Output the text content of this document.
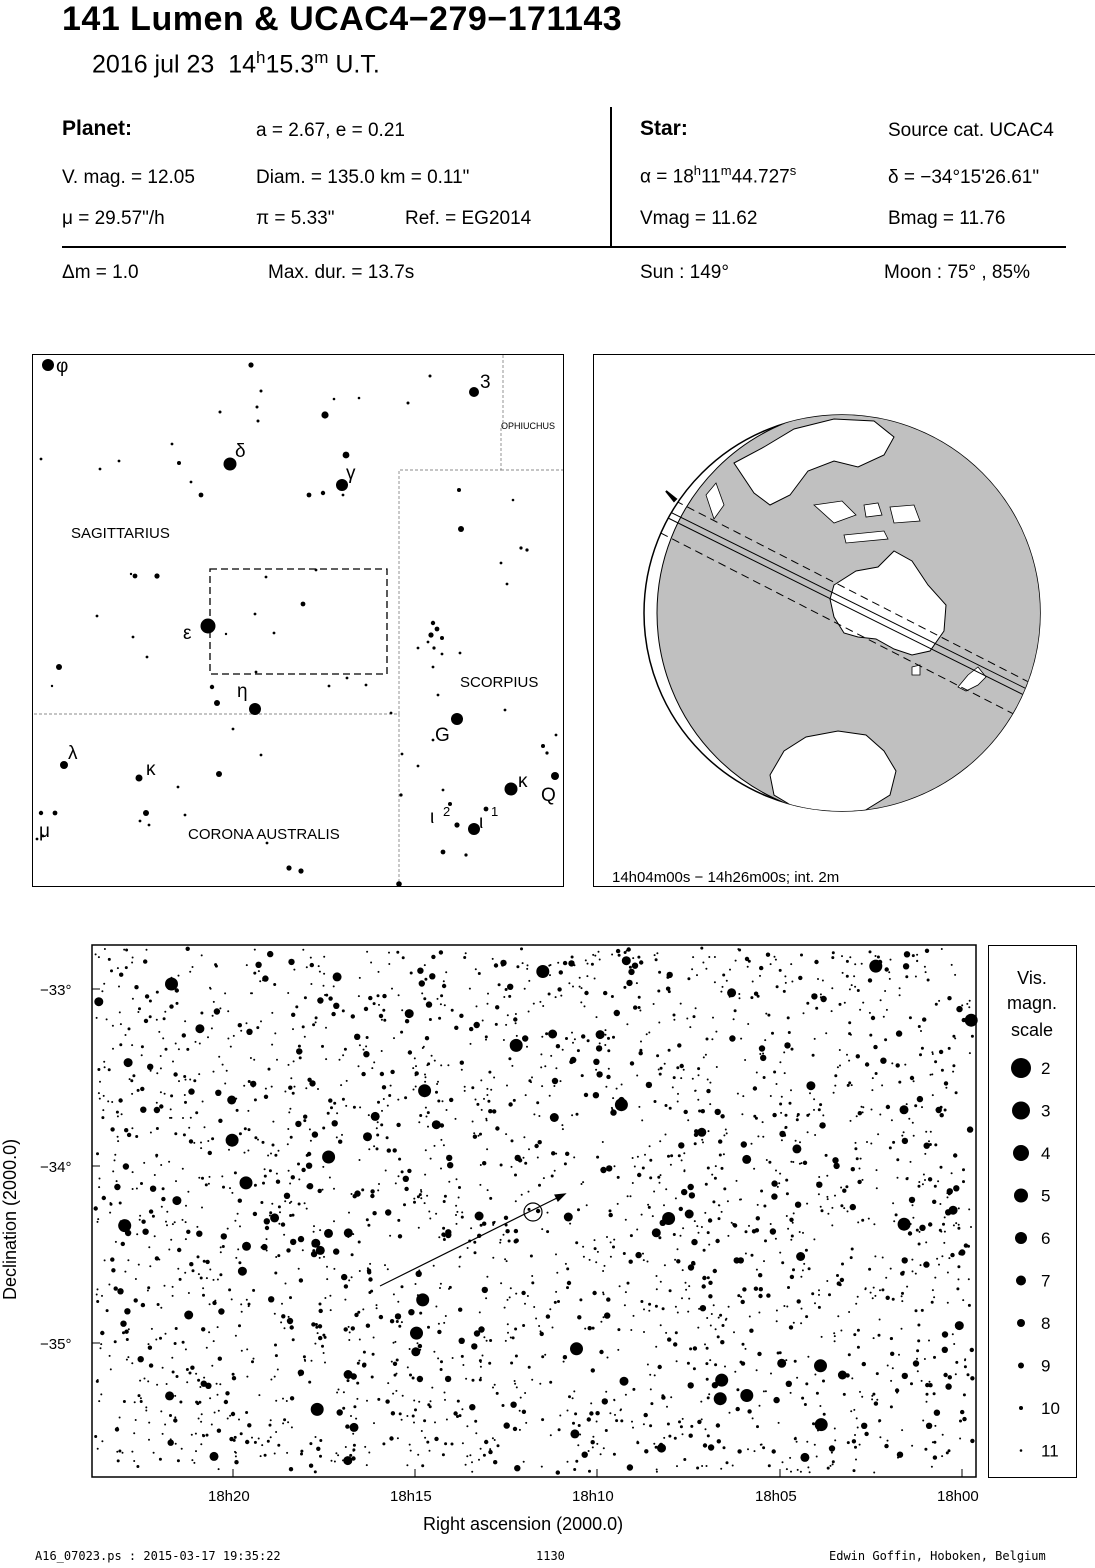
141 Lumen & UCAC4−279−171143
2016 jul 23 14$^h$15.3$^m$ U.T.
Planet:	a = 2.67, e = 0.21
V. mag. = 12.05	Diam. = 135.0 km = 0.11"
μ = 29.57"/h	π = 5.33"	Ref. = EG2014
Star:	Source cat. UCAC4
$\alpha = 18^h11^m44.727^s$	δ = −34°15'26.61"
Vmag = 11.62	Bmag = 11.76
Δm = 1.0	Max. dur. = 13.7s	Sun : 149°	Moon : 75° , 85%
φ
δ
γ
ε
η
λ
κ
μ
3
G
κ
Q
ι 2
ι
1
SAGITTARIUS
SCORPIUS
CORONA AUSTRALIS
OPHIUCHUS
14h04m00s − 14h26m00s; int. 2m
−33°
−34°
−35°
18h20	18h15	18h10	18h05	18h00
Right ascension (2000.0)
Declination (2000.0)
Vis.
magn.
scale
2
3
4
5
6
7
8
9
10
11
A16_07023.ps : 2015-03-17 19:35:22	1130	Edwin Goffin, Hoboken, Belgium
